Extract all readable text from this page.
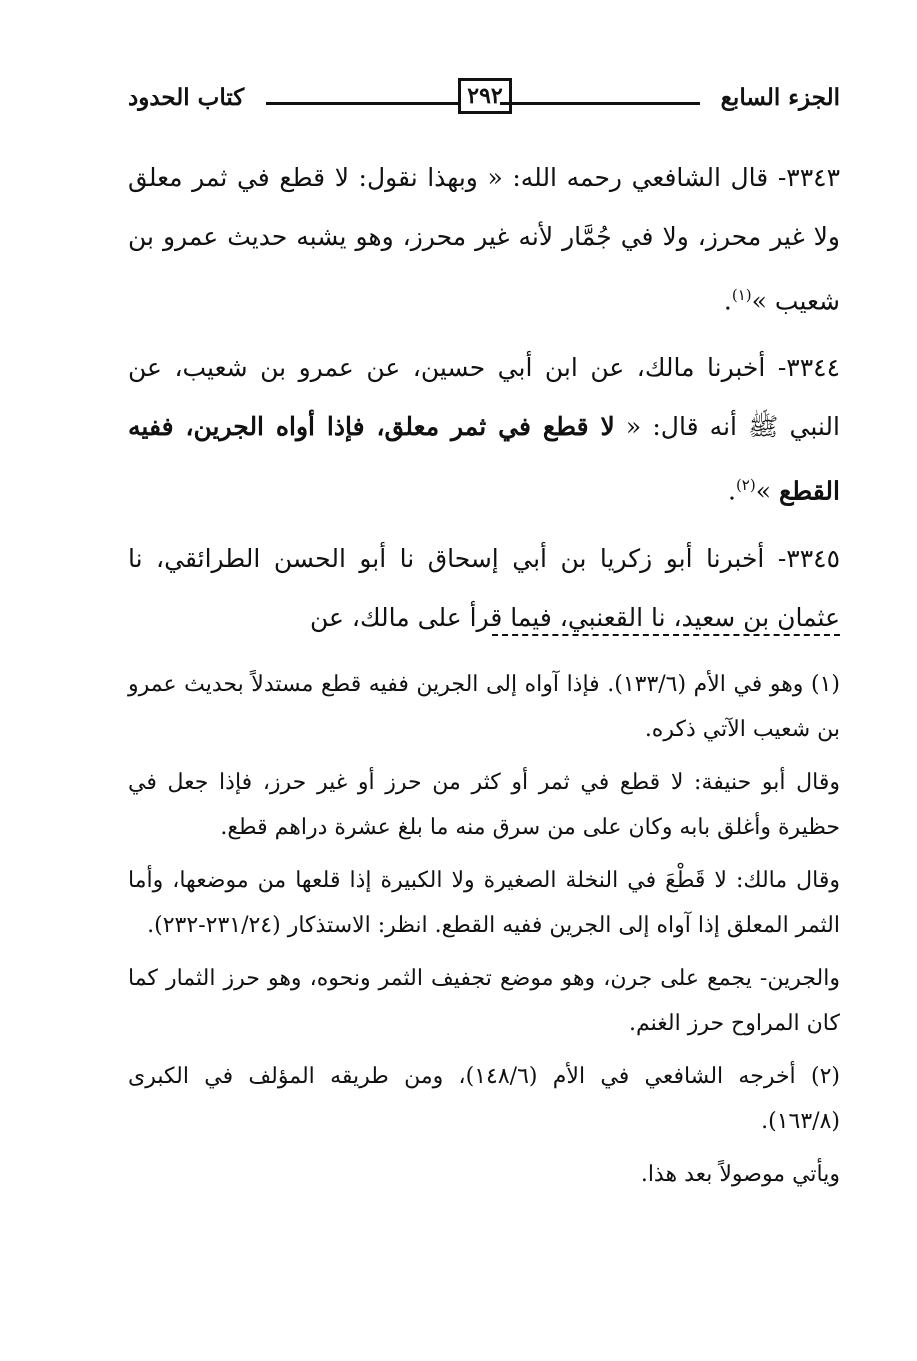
الجزء السابع
٢٩٢
كتاب الحدود

٣٣٤٣- قال الشافعي رحمه الله: « وبهذا نقول: لا قطع في ثمر معلق ولا غير محرز، ولا في جُمَّار لأنه غير محرز، وهو يشبه حديث عمرو بن شعيب »$^{(١)}$.

٣٣٤٤- أخبرنا مالك، عن ابن أبي حسين، عن عمرو بن شعيب، عن النبي ﷺ أنه قال: « لا قطع في ثمر معلق، فإذا أواه الجرين، ففيه القطع »$^{(٢)}$.

٣٣٤٥- أخبرنا أبو زكريا بن أبي إسحاق نا أبو الحسن الطرائقي، نا عثمان بن سعيد، نا القعنبي، فيما قرأ على مالك، عن

(١) وهو في الأم (١٣٣/٦). فإذا آواه إلى الجرين ففيه قطع مستدلاً بحديث عمرو بن شعيب الآتي ذكره.

وقال أبو حنيفة: لا قطع في ثمر أو كثر من حرز أو غير حرز، فإذا جعل في حظيرة وأغلق بابه وكان على من سرق منه ما بلغ عشرة دراهم قطع.

وقال مالك: لا قَطْعَ في النخلة الصغيرة ولا الكبيرة إذا قلعها من موضعها، وأما الثمر المعلق إذا آواه إلى الجرين ففيه القطع. انظر: الاستذكار (٢٣١/٢٤-٢٣٢).

والجرين- يجمع على جرن، وهو موضع تجفيف الثمر ونحوه، وهو حرز الثمار كما كان المراوح حرز الغنم.

(٢) أخرجه الشافعي في الأم (١٤٨/٦)، ومن طريقه المؤلف في الكبرى (١٦٣/٨).

ويأتي موصولاً بعد هذا.
